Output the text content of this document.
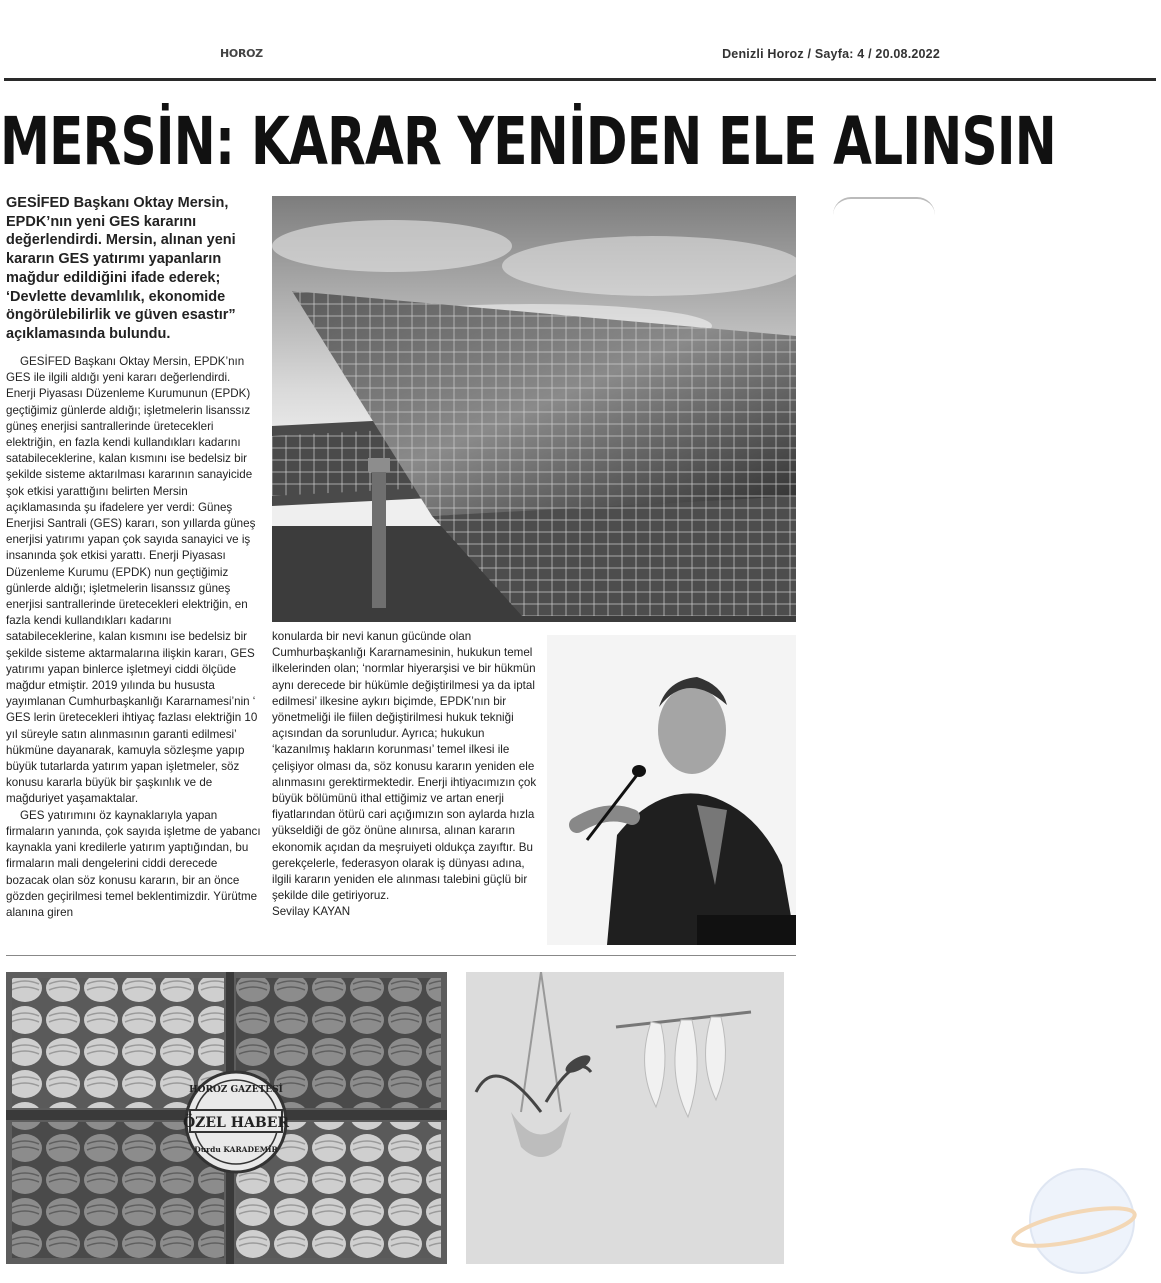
HOROZ	Denizli Horoz / Sayfa: 4 / 20.08.2022
MERSİN: KARAR YENİDEN ELE ALINSIN

GESİFED Başkanı Oktay Mersin, EPDK’nın yeni GES kararını değerlendirdi. Mersin, alınan yeni kararın GES yatırımı yapanların mağdur edildiğini ifade ederek; ‘Devlette devamlılık, ekonomide öngörülebilirlik ve güven esastır” açıklamasında bulundu.

GESİFED Başkanı Oktay Mersin, EPDK’nın GES ile ilgili aldığı yeni kararı değerlendirdi. Enerji Piyasası Düzenleme Kurumunun (EPDK) geçtiğimiz günlerde aldığı; işletmelerin lisanssız güneş enerjisi santrallerinde üretecekleri elektriğin, en fazla kendi kullandıkları kadarını satabileceklerine, kalan kısmını ise bedelsiz bir şekilde sisteme aktarılması kararının sanayicide şok etkisi yarattığını belirten Mersin açıklamasında şu ifadelere yer verdi: Güneş Enerjisi Santrali (GES) kararı, son yıllarda güneş enerjisi yatırımı yapan çok sayıda sanayici ve iş insanında şok etkisi yarattı. Enerji Piyasası Düzenleme Kurumu (EPDK) nun geçtiğimiz günlerde aldığı; işletmelerin lisanssız güneş enerjisi santrallerinde üretecekleri elektriğin, en fazla kendi kullandıkları kadarını satabileceklerine, kalan kısmını ise bedelsiz bir şekilde sisteme aktarmalarına ilişkin kararı, GES yatırımı yapan binlerce işletmeyi ciddi ölçüde mağdur etmiştir. 2019 yılında bu hususta yayımlanan Cumhurbaşkanlığı Kararnamesi’nin ‘ GES lerin üretecekleri ihtiyaç fazlası elektriğin 10 yıl süreyle satın alınmasının garanti edilmesi’ hükmüne dayanarak, kamuyla sözleşme yapıp büyük tutarlarda yatırım yapan işletmeler, söz konusu kararla büyük bir şaşkınlık ve de mağduriyet yaşamaktalar.

GES yatırımını öz kaynaklarıyla yapan firmaların yanında, çok sayıda işletme de yabancı kaynakla yani kredilerle yatırım yaptığından, bu firmaların mali dengelerini ciddi derecede bozacak olan söz konusu kararın, bir an önce gözden geçirilmesi temel beklentimizdir. Yürütme alanına giren

konularda bir nevi kanun gücünde olan Cumhurbaşkanlığı Kararnamesinin, hukukun temel ilkelerinden olan; ‘normlar hiyerarşisi ve bir hükmün aynı derecede bir hükümle değiştirilmesi ya da iptal edilmesi’ ilkesine aykırı biçimde, EPDK’nın bir yönetmeliği ile fiilen değiştirilmesi hukuk tekniği açısından da sorunludur. Ayrıca; hukukun ‘kazanılmış hakların korunması’ temel ilkesi ile çelişiyor olması da, söz konusu kararın yeniden ele alınmasını gerektirmektedir. Enerji ihtiyacımızın çok büyük bölümünü ithal ettiğimiz ve artan enerji fiyatlarından ötürü cari açığımızın son aylarda hızla yükseldiği de göz önüne alınırsa, alınan kararın ekonomik açıdan da meşruiyeti oldukça zayıftır. Bu gerekçelerle, federasyon olarak iş dünyası adına, ilgili kararın yeniden ele alınması talebini güçlü bir şekilde dile getiriyoruz.

Sevilay KAYAN

HOROZ GAZETESİ
ÖZEL HABER
Durdu KARADEMİR
